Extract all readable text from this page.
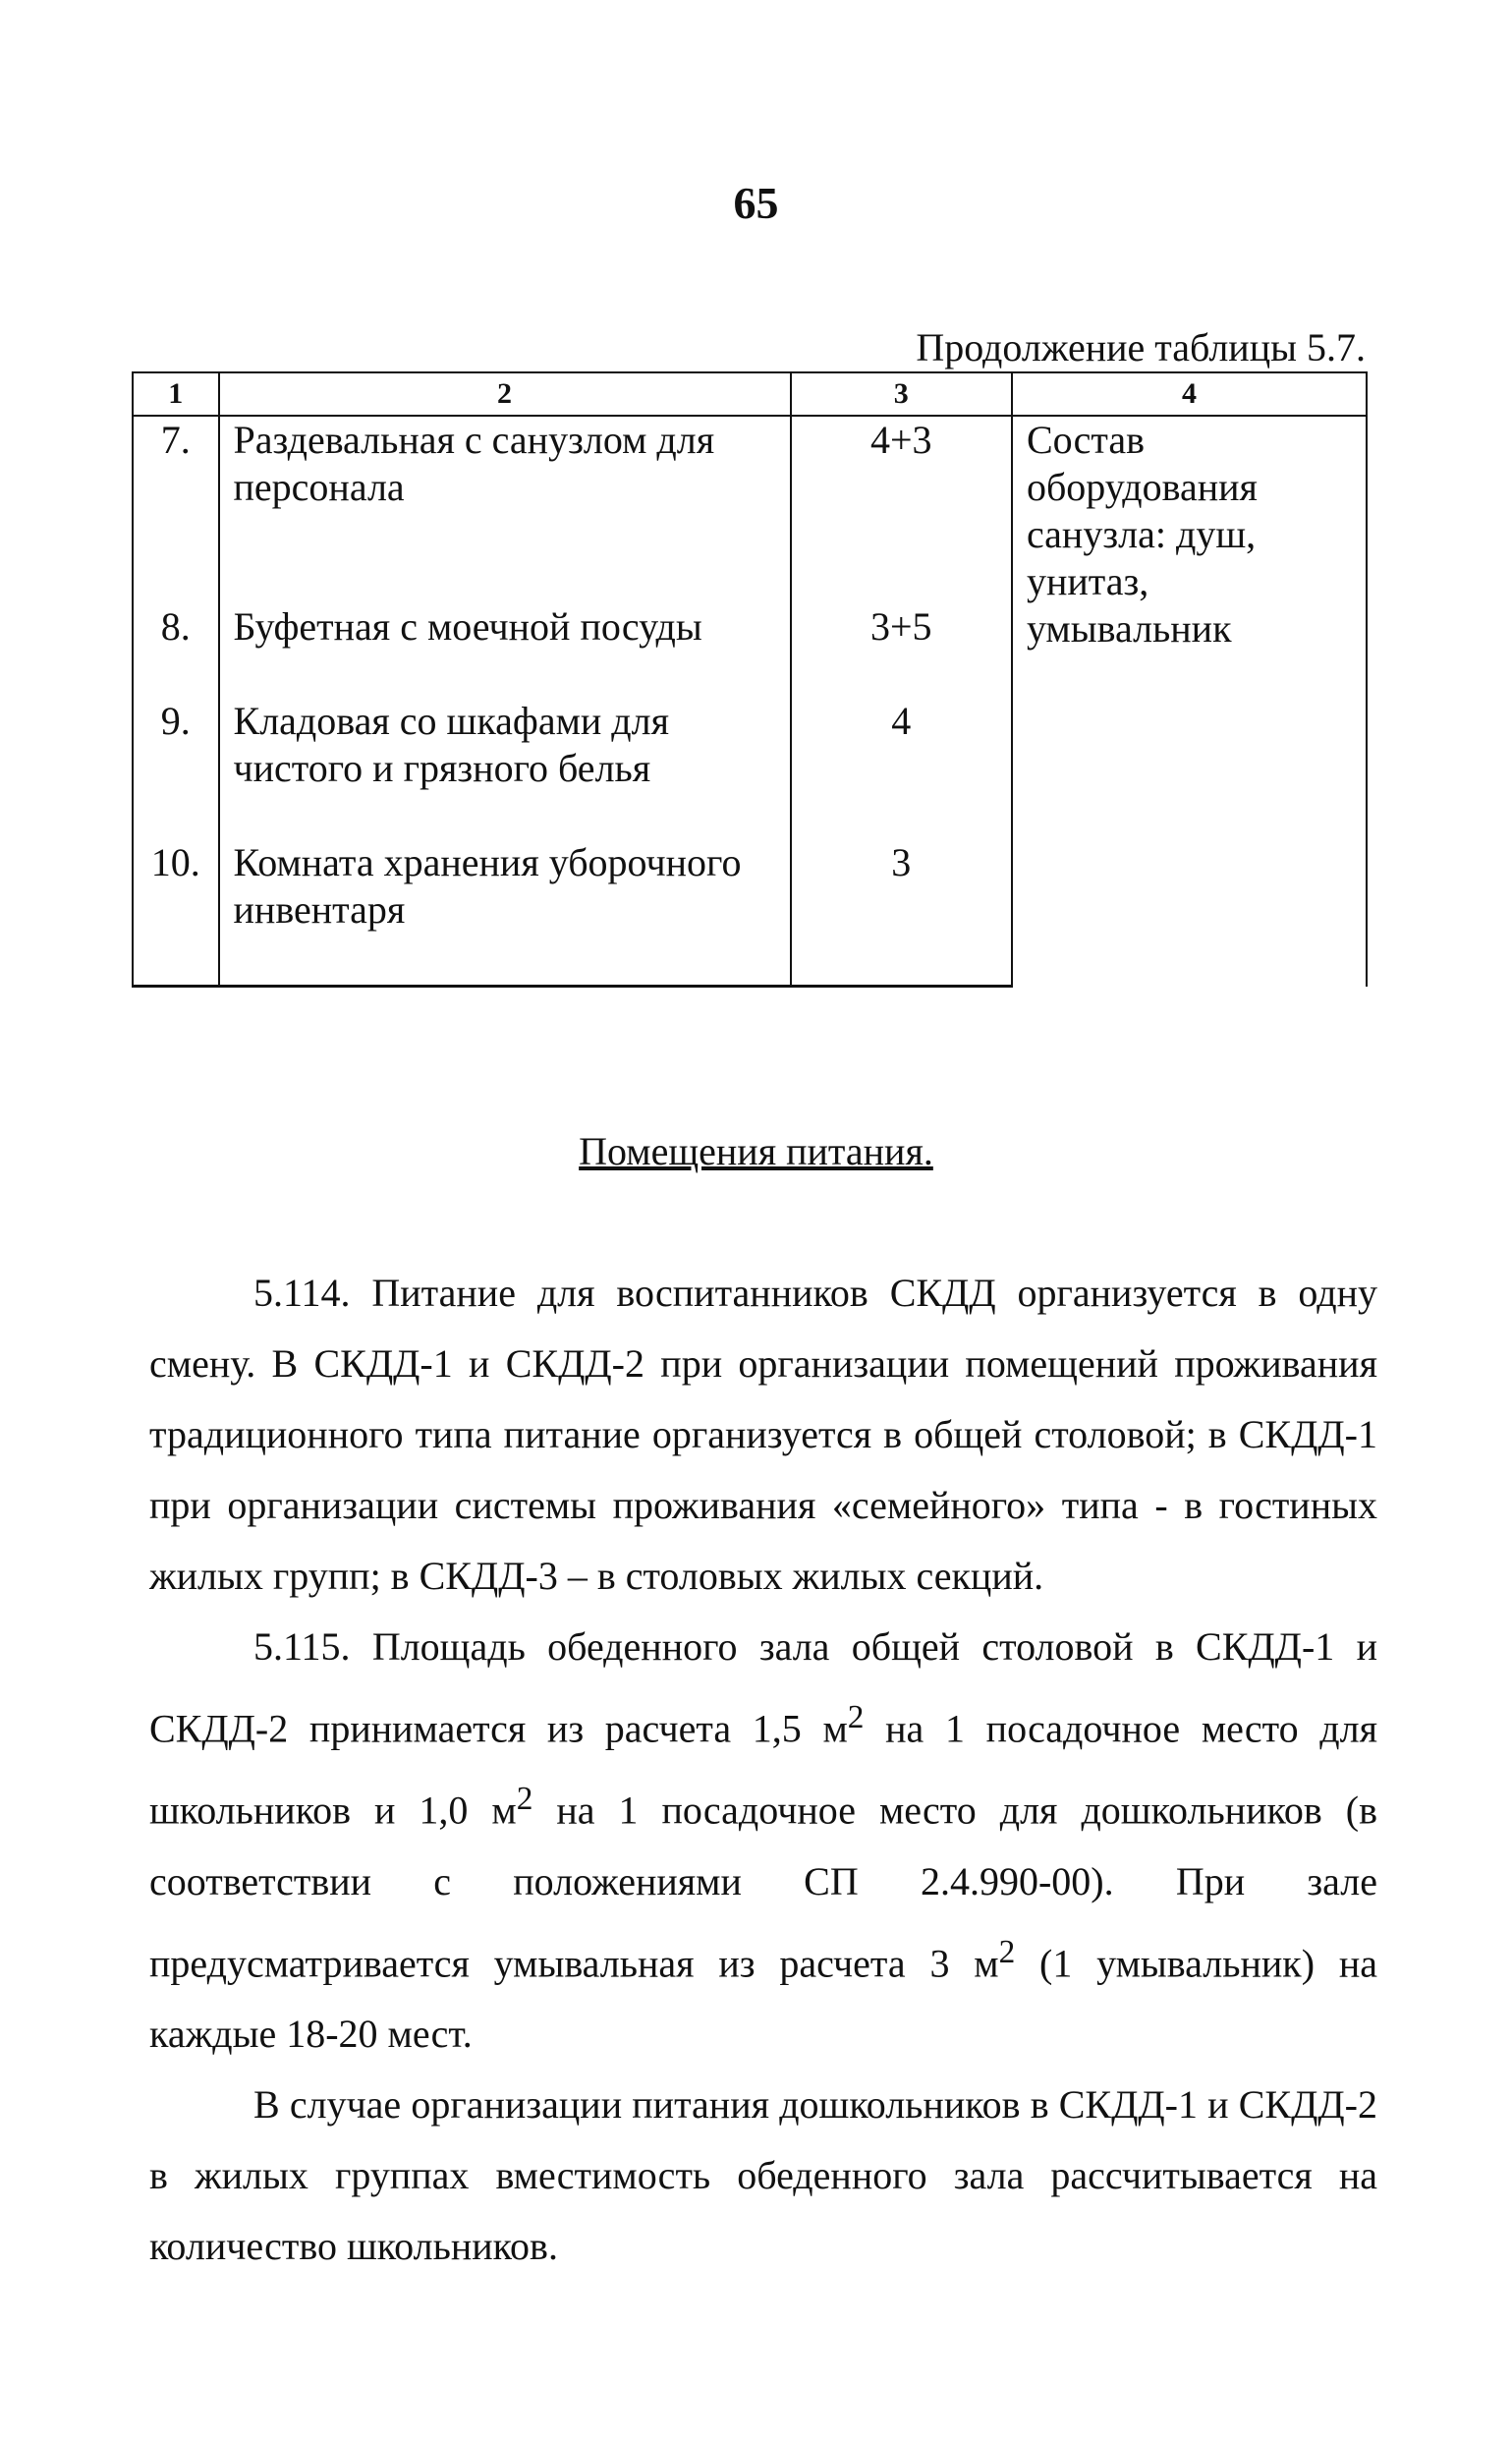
65
Продолжение таблицы 5.7.
1	2	3	4
7.	Раздевальная с санузлом для персонала	4+3	Состав оборудования санузла: душ, унитаз, умывальник
8.	Буфетная с моечной посуды	3+5	
9.	Кладовая со шкафами для чистого и грязного белья	4	
10.	Комната хранения уборочного инвентаря	3	
Помещения питания.

5.114. Питание для воспитанников СКДД организуется в одну смену. В СКДД-1 и СКДД-2 при организации помещений проживания традиционного типа питание организуется в общей столовой; в СКДД-1 при организации системы проживания «семейного» типа - в гостиных жилых групп; в СКДД-3 – в столовых жилых секций.

5.115. Площадь обеденного зала общей столовой в СКДД-1 и СКДД-2 принимается из расчета 1,5 $м^2$ на 1 посадочное место для школьников и 1,0 $м^2$ на 1 посадочное место для дошкольников (в соответствии с положениями СП 2.4.990-00). При зале предусматривается умывальная из расчета 3 $м^2$ (1 умывальник) на каждые 18-20 мест.

В случае организации питания дошкольников в СКДД-1 и СКДД-2 в жилых группах вместимость обеденного зала рассчитывается на количество школьников.
